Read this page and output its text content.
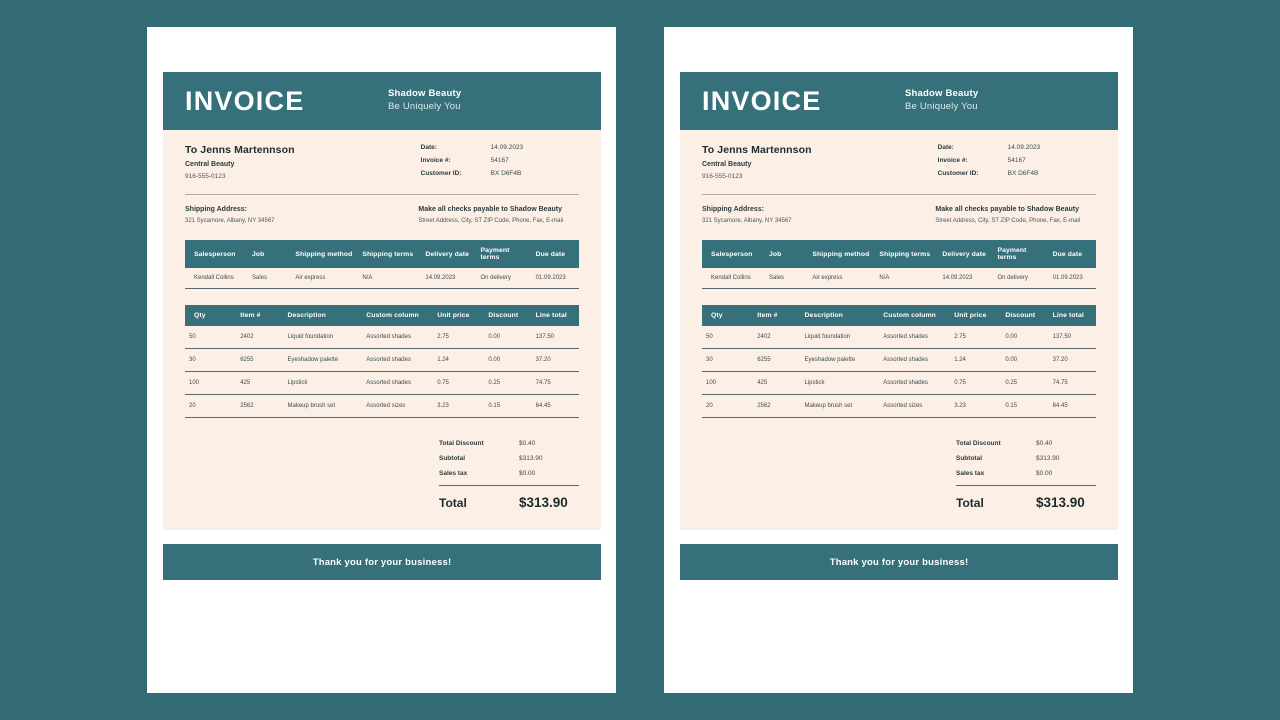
INVOICE	Shadow Beauty
Be Uniquely You
To Jenns Martennson
Central Beauty
916-555-0123
Date:	14.09.2023
Invoice #:	54167
Customer ID:	BX D6F4B
Shipping Address:
321 Sycamore, Albany, NY 34567
Make all checks payable to Shadow Beauty
Street Address, City, ST ZIP Code, Phone, Fax, E-mail
Salesperson	Job	Shipping method	Shipping terms	Delivery date	Payment terms	Due date
Kendall Collins	Sales	Air express	N/A	14.09.2023	On delivery	01.09.2023
Qty	Item #	Description	Custom column	Unit price	Discount	Line total
50	2402	Liquid foundation	Assorted shades	2.75	0.00	137.50
30	6255	Eyeshadow palette	Assorted shades	1.24	0.00	37.20
100	425	Lipstick	Assorted shades	0.75	0.25	74.75
20	2562	Makeup brush set	Assorted sizes	3.23	0.15	64.45
Total Discount	$0.40
Subtotal	$313.90
Sales tax	$0.00
Total	$313.90
Thank you for your business!
INVOICE	Shadow Beauty
Be Uniquely You
To Jenns Martennson
Central Beauty
916-555-0123
Date:	14.09.2023
Invoice #:	54167
Customer ID:	BX D6F4B
Shipping Address:
321 Sycamore, Albany, NY 34567
Make all checks payable to Shadow Beauty
Street Address, City, ST ZIP Code, Phone, Fax, E-mail
Salesperson	Job	Shipping method	Shipping terms	Delivery date	Payment terms	Due date
Kendall Collins	Sales	Air express	N/A	14.09.2023	On delivery	01.09.2023
Qty	Item #	Description	Custom column	Unit price	Discount	Line total
50	2402	Liquid foundation	Assorted shades	2.75	0.00	137.50
30	6255	Eyeshadow palette	Assorted shades	1.24	0.00	37.20
100	425	Lipstick	Assorted shades	0.75	0.25	74.75
20	2562	Makeup brush set	Assorted sizes	3.23	0.15	64.45
Total Discount	$0.40
Subtotal	$313.90
Sales tax	$0.00
Total	$313.90
Thank you for your business!
